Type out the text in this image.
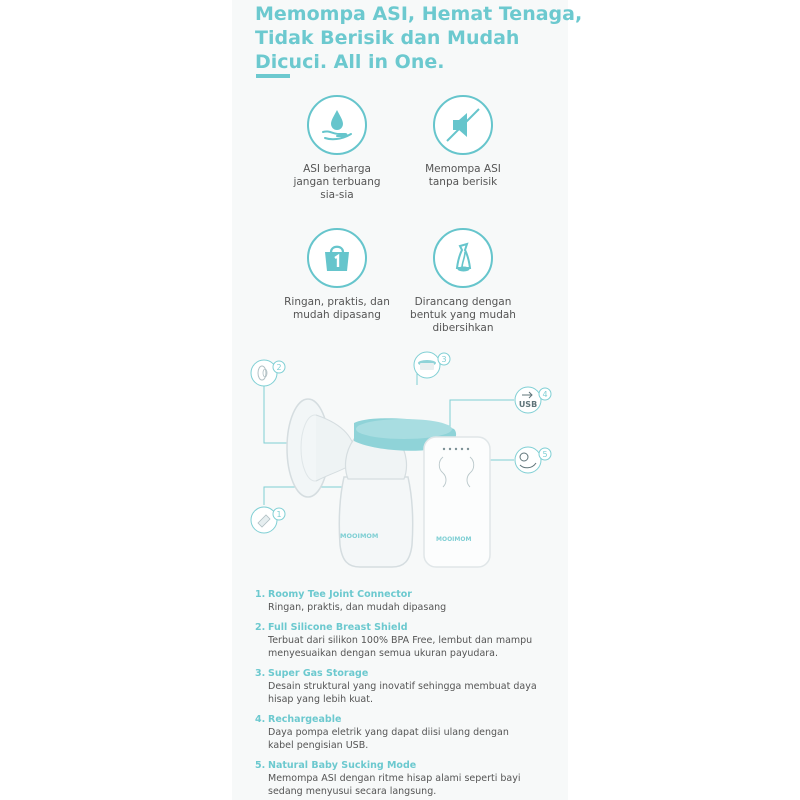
Memompa ASI, Hemat Tenaga,
Tidak Berisik dan Mudah
Dicuci. All in One.
ASI berharga
jangan terbuang
sia-sia
Memompa ASI
tanpa berisik
Ringan, praktis, dan
mudah dipasang
Dirancang dengan
bentuk yang mudah
dibersihkan
MOOIMOM	MOOIMOM
2
3
USB
4
5
1
1. Roomy Tee Joint Connector
Ringan, praktis, dan mudah dipasang
2. Full Silicone Breast Shield
Terbuat dari silikon 100% BPA Free, lembut dan mampu
menyesuaikan dengan semua ukuran payudara.
3. Super Gas Storage
Desain struktural yang inovatif sehingga membuat daya
hisap yang lebih kuat.
4. Rechargeable
Daya pompa eletrik yang dapat diisi ulang dengan
kabel pengisian USB.
5. Natural Baby Sucking Mode
Memompa ASI dengan ritme hisap alami seperti bayi
sedang menyusui secara langsung.
